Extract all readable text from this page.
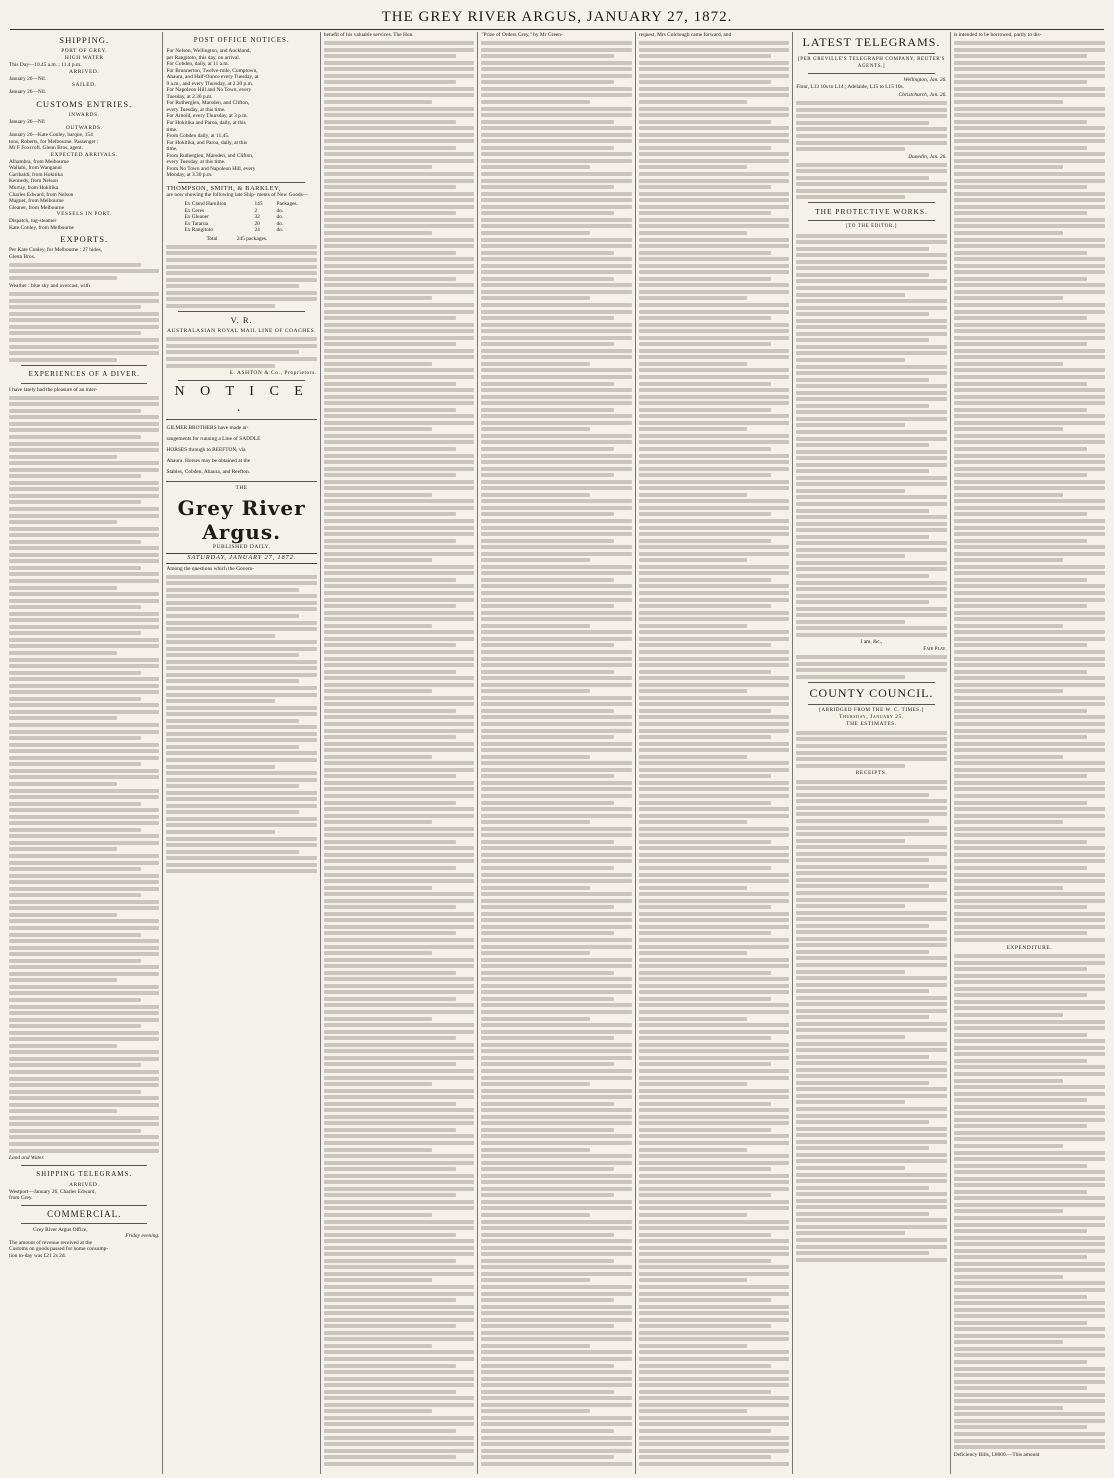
THE GREY RIVER ARGUS, JANUARY 27, 1872.
SHIPPING.
PORT OF GREY.
HIGH WATER
This Day—10.45 a.m. ; 11.4 p.m.
ARRIVED.
January 26—Nil.
SAILED.
January 26—Nil.
CUSTOMS ENTRIES.
INWARDS.
January 26—Nil
OUTWARDS.
January 26—Kate Conley, barque, 154
tons, Roberts, for Melbourne. Passenger :
Mr F Foxcroft. Glenn Bros, agent.
EXPECTED ARRIVALS.
Alhambra, from Melbourne
Wallabi, from Wanganui
Garibaldi, from Hokitika
Kennedy, from Nelson
Murray, from Hokitika
Charles Edward, from Nelson
Magnet, from Melbourne
Gleaner, from Melbourne
VESSELS IN PORT.
Dispatch, tug-steamer
Kate Conley, from Melbourne
EXPORTS.
Per Kate Conley, for Melbourne : 27 hides,
Glenn Bros.
Weather : blue sky and overcast, with
EXPERIENCES OF A DIVER.
I have lately had the pleasure of an inter-
Land and Water.
SHIPPING TELEGRAMS.
ARRIVED.
Westport—January 26, Charles Edward,
from Grey.
COMMERCIAL.
Grey River Argus Office,
Friday evening.
The amount of revenue received at the
Customs on goods passed for home consump-
tion to-day was £21 2s 2d.
POST OFFICE NOTICES.
For Nelson, Wellington, and Auckland,
per Rangitoto, this day, on arrival.
For Cobden, daily, at 11 a.m.
For Brunnerton, Twelve-mile, Cumptown,
Ahaura, and Half-Ounce every Tuesday, at
9 a.m., and every Thursday, at 2.30 p.m.
For Napoleon Hill and No Town, every
Tuesday, at 2.30 p.m.
For Rutherglen, Marsden, and Clifton,
every Tuesday, at this time.
For Arnold, every Thursday, at 3 p.m.
For Hokitika and Paroa, daily, at this
time.
From Cobden daily, at 11.45.
For Hokitika, and Paroa, daily, at this
time.
From Rutherglen, Marsden, and Clifton,
every Tuesday, at this time.
From No Town and Napoleon Hill, every
Monday, at 3.30 p.m.
THOMPSON, SMITH, & BARKLEY,
are now showing the following late Ship- ments of New Goods—
Ex Cland Hamilton	145	Packages.
Ex Ceres	2	do.
Ex Gleaner	32	do.
Ex Tararua	20	do.
Ex Rangitoto	24	do.
Total	245 packages.
V. R.
AUSTRALASIAN ROYAL MAIL LINE OF COACHES.
E. ASHTON & Co., Proprietors.
N O T I C E .
GILMER BROTHERS have made ar-
rangements for running a Line of SADDLE
HORSES through to REEFTON, via
Ahaura. Horses may be obtained at the
Stables, Cobden, Ahaura, and Reefton.
THE
Grey River Argus.
PUBLISHED DAILY.
SATURDAY, JANUARY 27, 1872.
Among the questions which the Govern-
benefit of his valuable services. The Hon.	"Prize of Orders Grey," by Mr Green-	request, Mrs Colclough came forward, and	LATEST TELEGRAMS.
[PER GREVILLE'S TELEGRAPH COMPANY, REUTER'S AGENTS.]
Wellington, Jan. 26.
Flour, L13 10s to L14 ; Adelaide, L15 to L15 10s.
Christchurch, Jan. 26.
Dunedin, Jan. 26.
THE PROTECTIVE WORKS.
[TO THE EDITOR.]
I am, &c.,
Fair Play.
COUNTY COUNCIL.
[ABRIDGED FROM THE W. C. TIMES.]
Thursday, January 25.
THE ESTIMATES.
RECEIPTS.
is intended to be borrowed, partly to dis-
EXPENDITURE.
Deficiency Bills, L8000.—This amount
